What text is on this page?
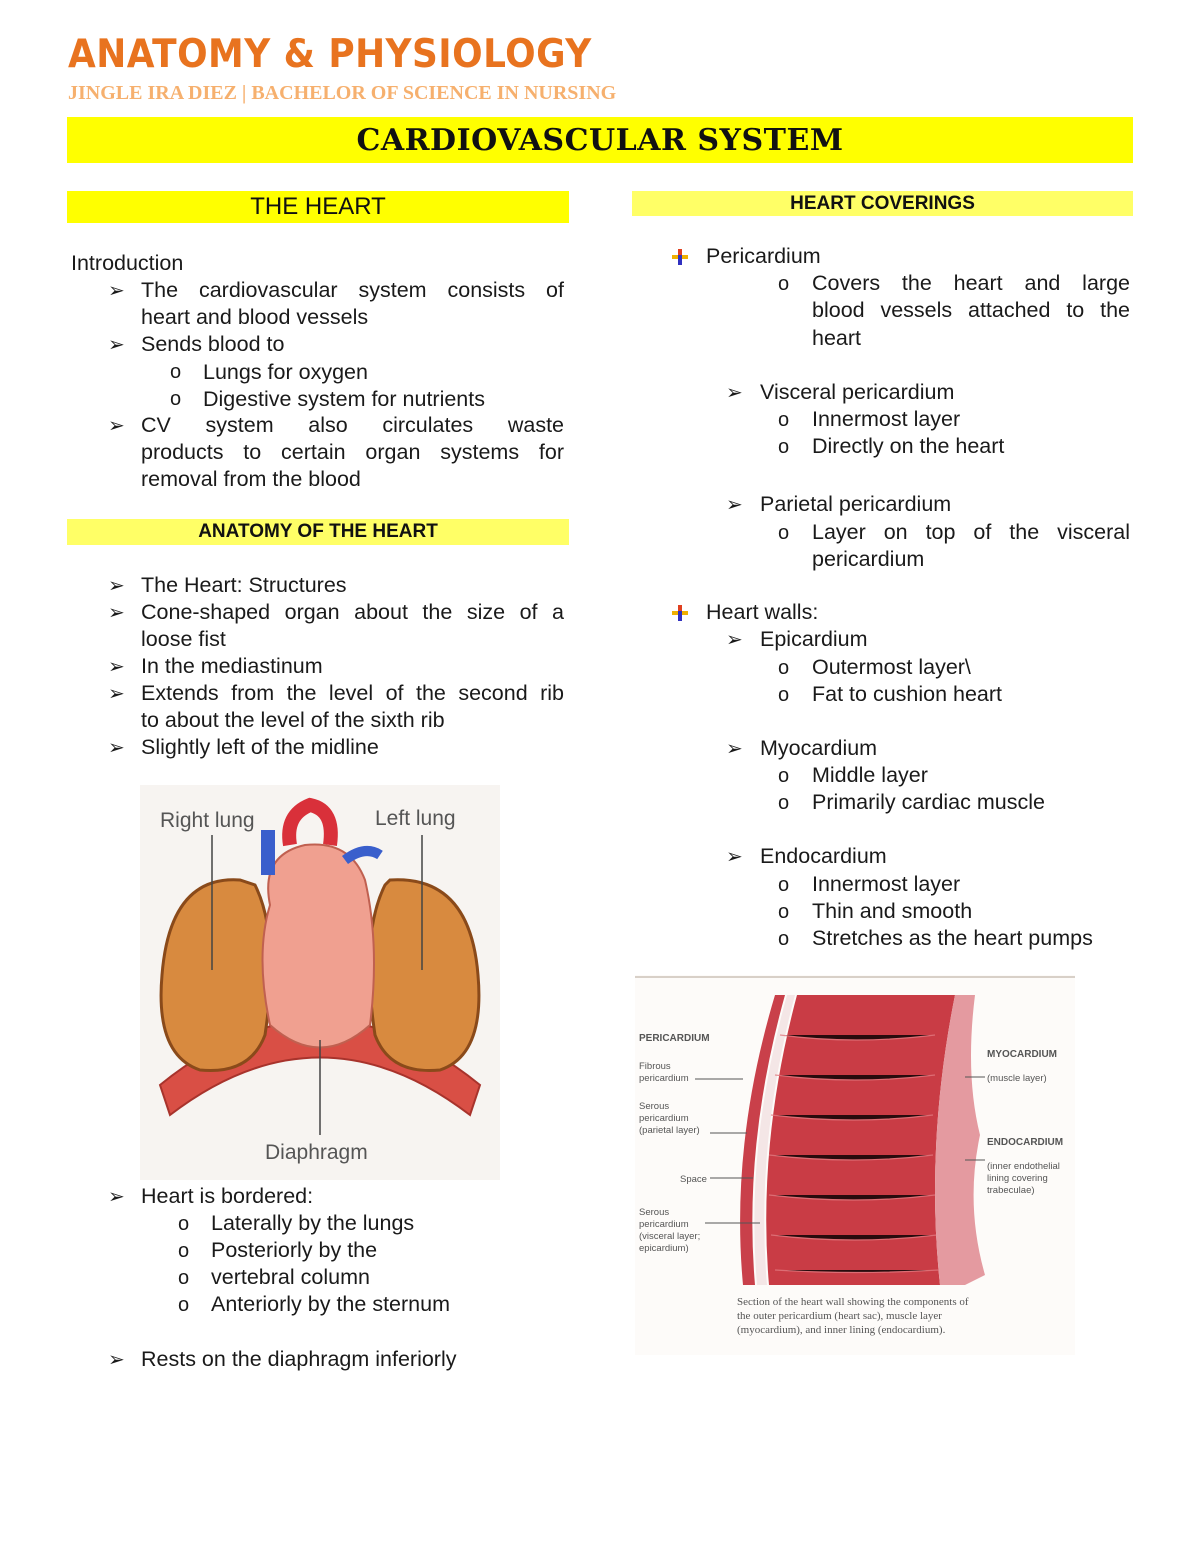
ANATOMY & PHYSIOLOGY
JINGLE IRA DIEZ | BACHELOR OF SCIENCE IN NURSING
CARDIOVASCULAR SYSTEM
THE HEART
Introduction
➢ The cardiovascular system consists of
heart and blood vessels
➢ Sends blood to
o Lungs for oxygen
o Digestive system for nutrients
➢ CV system also circulates waste
products to certain organ systems for
removal from the blood
ANATOMY OF THE HEART
➢ The Heart: Structures
➢ Cone-shaped organ about the size of a
loose fist
➢ In the mediastinum
➢ Extends from the level of the second rib
to about the level of the sixth rib
➢ Slightly left of the midline
Right lung	Left lung
Diaphragm
➢ Heart is bordered:
o Laterally by the lungs
o Posteriorly by the
o vertebral column
o Anteriorly by the sternum
➢ Rests on the diaphragm inferiorly
HEART COVERINGS
Pericardium
o Covers the heart and large
blood vessels attached to the
heart
➢ Visceral pericardium
o Innermost layer
o Directly on the heart
➢ Parietal pericardium
o Layer on top of the visceral
pericardium
Heart walls:
➢ Epicardium
o Outermost layer\
o Fat to cushion heart
➢ Myocardium
o Middle layer
o Primarily cardiac muscle
➢ Endocardium
o Innermost layer
o Thin and smooth
o Stretches as the heart pumps
PERICARDIUM
Fibrous
pericardium
Serous
pericardium
(parietal layer)
Space
Serous
pericardium
(visceral layer;
epicardium)
MYOCARDIUM
(muscle layer)
ENDOCARDIUM
(inner endothelial
lining covering
trabeculae)
Section of the heart wall showing the components of
the outer pericardium (heart sac), muscle layer
(myocardium), and inner lining (endocardium).
